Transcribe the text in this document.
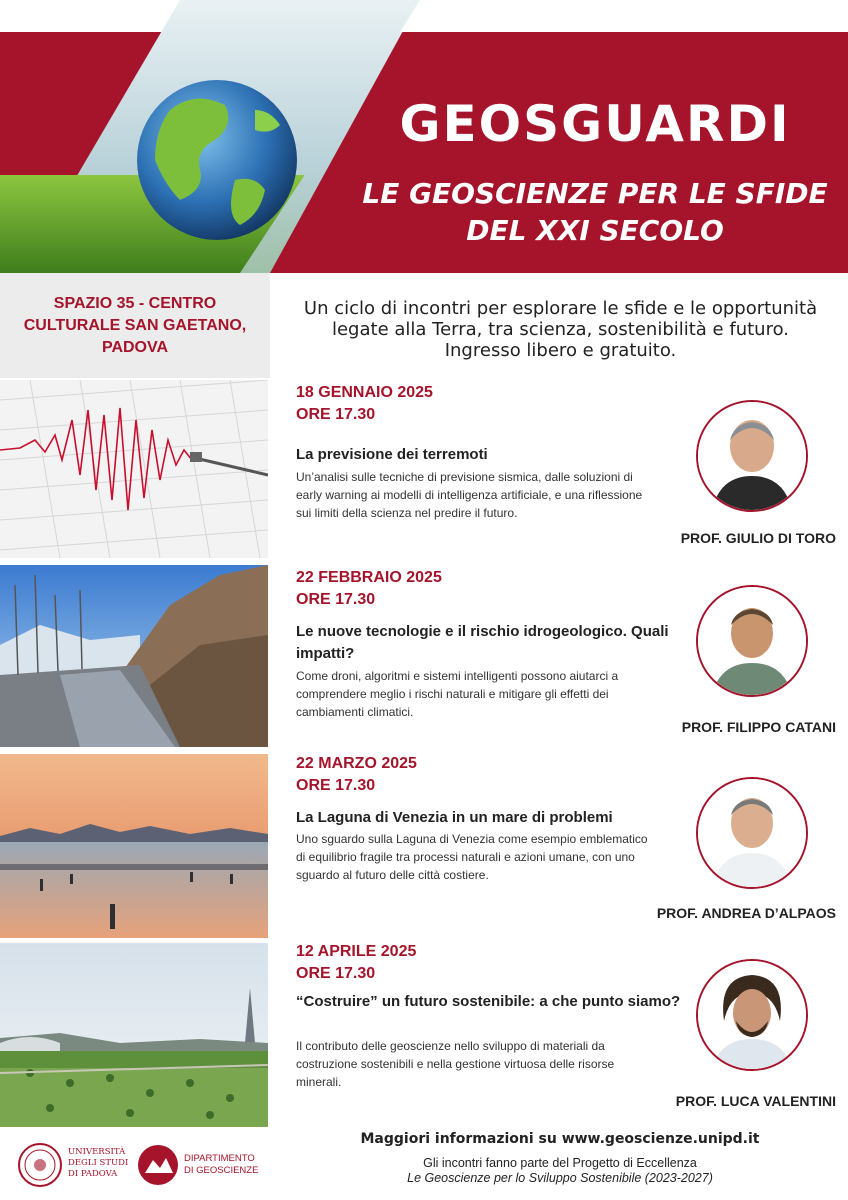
GEOSGUARDI
LE GEOSCIENZE PER LE SFIDE
DEL XXI SECOLO
SPAZIO 35 - CENTRO
CULTURALE SAN GAETANO,
PADOVA
UNIVERSITÀ
DEGLI STUDI
DI PADOVA
DIPARTIMENTO
DI GEOSCIENZE
Un ciclo di incontri per esplorare le sfide e le opportunità
legate alla Terra, tra scienza, sostenibilità e futuro.
Ingresso libero e gratuito.
18 GENNAIO 2025
ORE 17.30
La previsione dei terremoti
Un’analisi sulle tecniche di previsione sismica, dalle soluzioni di
early warning ai modelli di intelligenza artificiale, e una riflessione
sui limiti della scienza nel predire il futuro.
PROF. GIULIO DI TORO
22 FEBBRAIO 2025
ORE 17.30
Le nuove tecnologie e il rischio idrogeologico. Quali impatti?
Come droni, algoritmi e sistemi intelligenti possono aiutarci a
comprendere meglio i rischi naturali e mitigare gli effetti dei
cambiamenti climatici.
PROF. FILIPPO CATANI
22 MARZO 2025
ORE 17.30
La Laguna di Venezia in un mare di problemi
Uno sguardo sulla Laguna di Venezia come esempio emblematico
di equilibrio fragile tra processi naturali e azioni umane, con uno
sguardo al futuro delle città costiere.
PROF. ANDREA D’ALPAOS
12 APRILE 2025
ORE 17.30
“Costruire” un futuro sostenibile: a che punto siamo?
Il contributo delle geoscienze nello sviluppo di materiali da
costruzione sostenibili e nella gestione virtuosa delle risorse
minerali.
PROF. LUCA VALENTINI
Maggiori informazioni su www.geoscienze.unipd.it
Gli incontri fanno parte del Progetto di Eccellenza
Le Geoscienze per lo Sviluppo Sostenibile (2023-2027)
